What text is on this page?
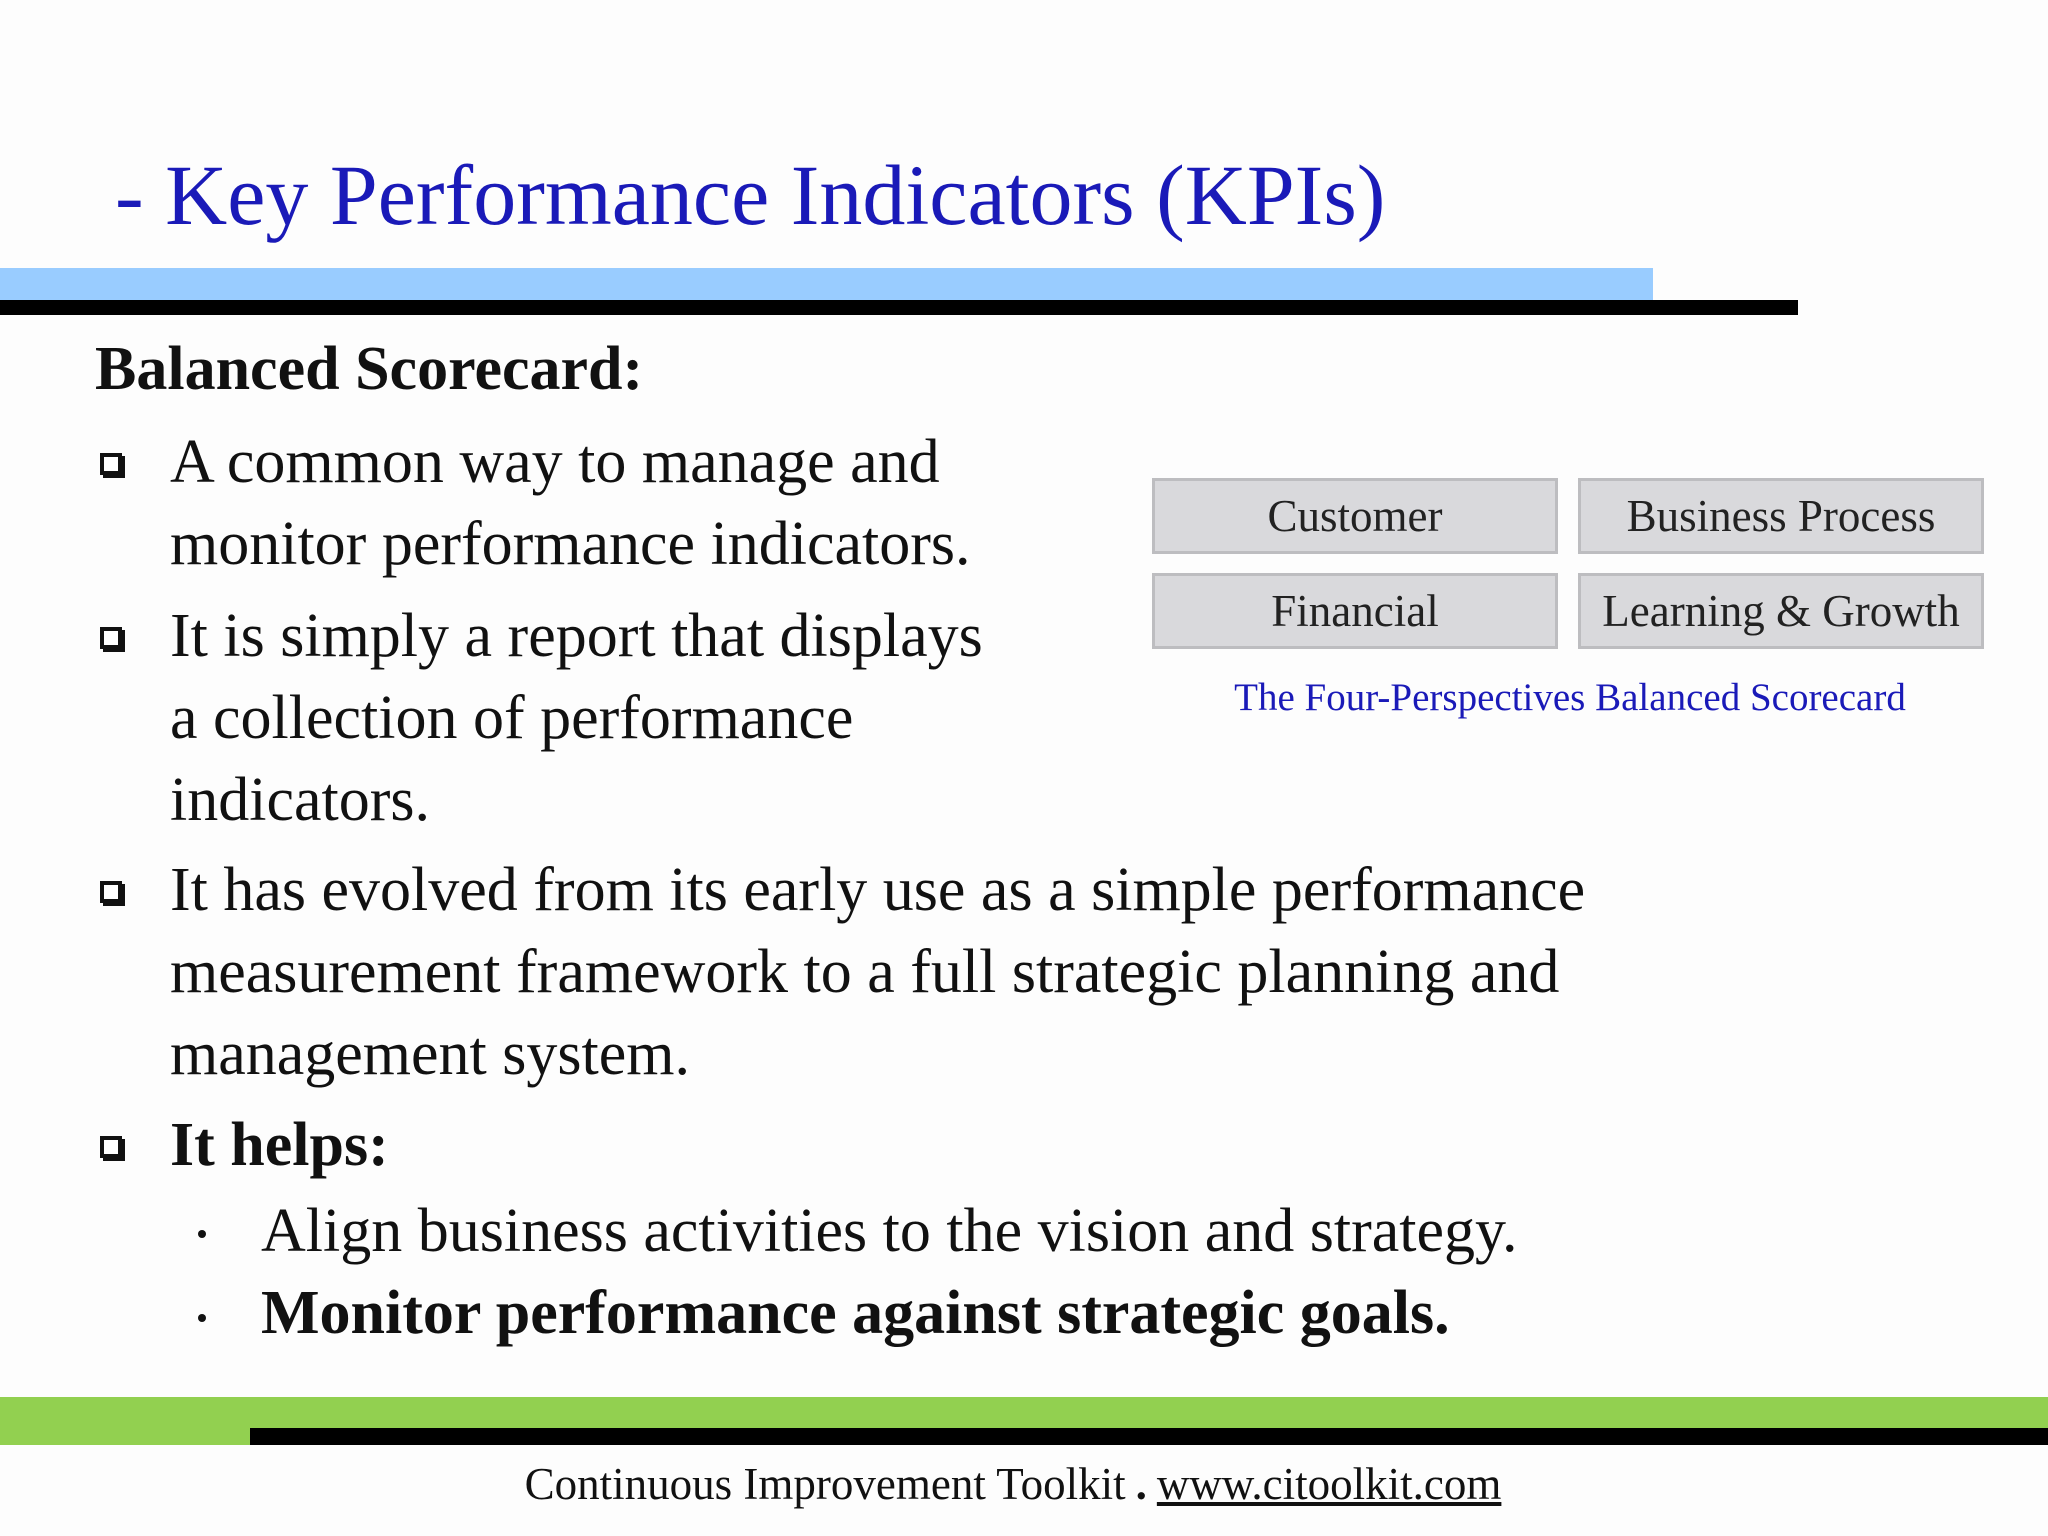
- Key Performance Indicators (KPIs)
Balanced Scorecard:
A common way to manage and
monitor performance indicators.
It is simply a report that displays
a collection of performance
indicators.
It has evolved from its early use as a simple performance
measurement framework to a full strategic planning and
management system.
It helps:
Align business activities to the vision and strategy.
Monitor performance against strategic goals.
Customer	Business Process
Financial	Learning & Growth
The Four-Perspectives Balanced Scorecard
Continuous Improvement Toolkit . www.citoolkit.com
